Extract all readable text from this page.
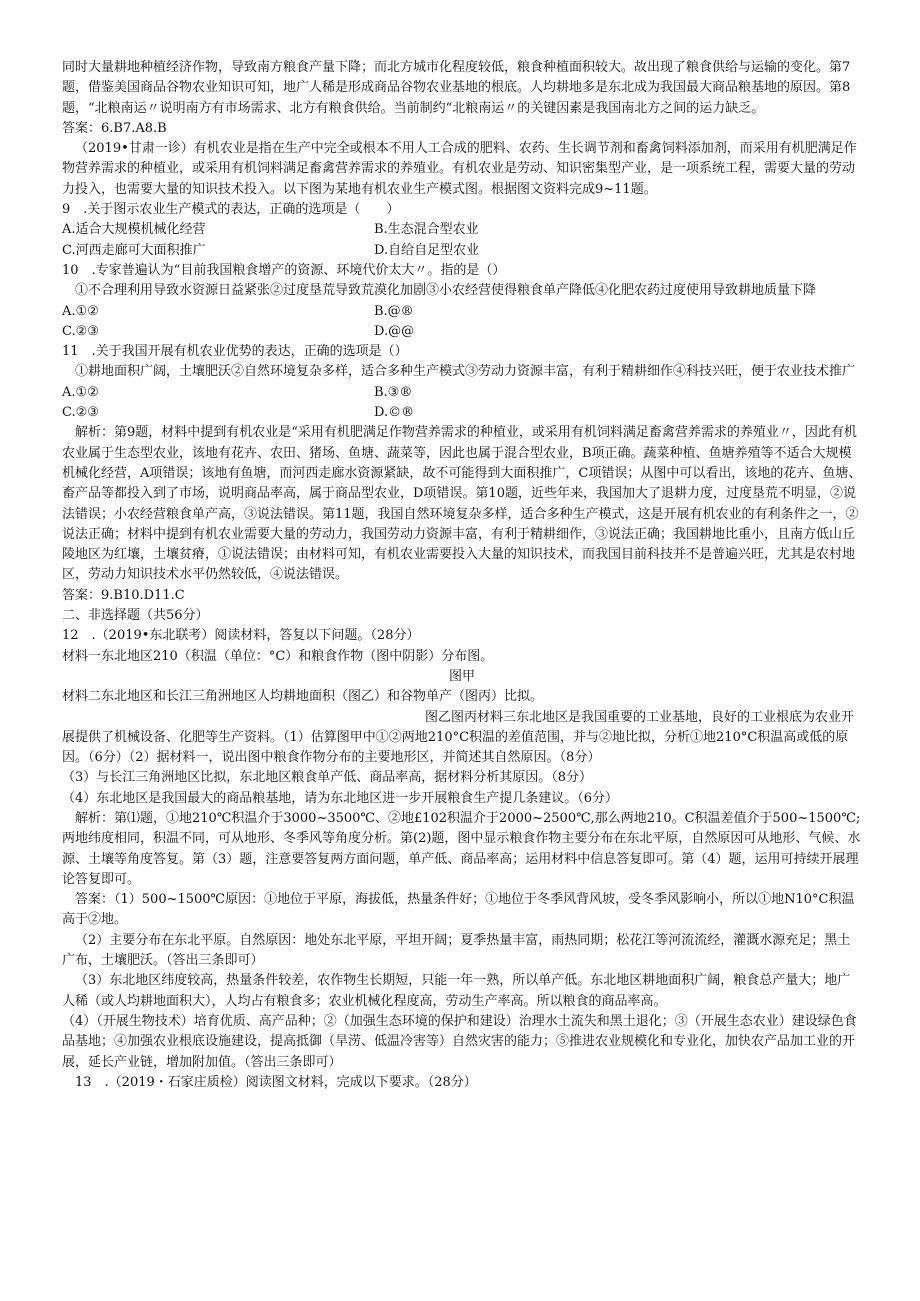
同时大量耕地种植经济作物，导致南方粮食产量下降；而北方城市化程度较低，粮食种植面积较大。故出现了粮食供给与运输的变化。第7题，借鉴美国商品谷物农业知识可知，地广人稀是形成商品谷物农业基地的根底。人均耕地多是东北成为我国最大商品粮基地的原因。第8题，“北粮南运〃说明南方有市场需求、北方有粮食供给。当前制约“北粮南运〃的关键因素是我国南北方之间的运力缺乏。

答案：6.B7.A8.B

（2019•甘肃一诊）有机农业是指在生产中完全或根本不用人工合成的肥料、农药、生长调节剂和畜禽饲料添加剂，而采用有机肥满足作物营养需求的种植业，或采用有机饲料满足畜禽营养需求的养殖业。有机农业是劳动、知识密集型产业，是一项系统工程，需要大量的劳动力投入，也需要大量的知识技术投入。以下图为某地有机农业生产模式图。根据图文资料完成9~11题。

9　.关于图示农业生产模式的表达，正确的选项是（　　）

A.适合大规模机械化经营	B.生态混合型农业
C.河西走廊可大面积推广	D.自给自足型农业

10　.专家普遍认为“目前我国粮食增产的资源、环境代价太大〃。指的是（）

①不合理利用导致水资源日益紧张②过度垦荒导致荒漠化加剧③小农经营使得粮食单产降低④化肥农药过度使用导致耕地质量下降

A.①②	B.@®
C.②③	D.@@

11　.关于我国开展有机农业优势的表达，正确的选项是（）

①耕地面积广阔，土壤肥沃②自然环境复杂多样，适合多种生产模式③劳动力资源丰富，有利于精耕细作④科技兴旺，便于农业技术推广

A.①②	B.③®
C.②③	D.©®

解析：第9题，材料中提到有机农业是“采用有机肥满足作物营养需求的种植业，或采用有机饲料满足畜禽营养需求的养殖业〃，因此有机农业属于生态型农业，该地有花卉、农田、猪场、鱼塘、蔬菜等，因此也属于混合型农业，B项正确。蔬菜种植、鱼塘养殖等不适合大规模机械化经营，A项错误；该地有鱼塘，而河西走廊水资源紧缺，故不可能得到大面积推广，C项错误；从图中可以看出，该地的花卉、鱼塘、畜产品等都投入到了市场，说明商品率高，属于商品型农业，D项错误。第10题，近些年来，我国加大了退耕力度，过度垦荒不明显，②说法错误；小农经营粮食单产高，③说法错误。第11题，我国自然环境复杂多样，适合多种生产模式，这是开展有机农业的有利条件之一，②说法正确；材料中提到有机农业需要大量的劳动力，我国劳动力资源丰富，有利于精耕细作，③说法正确；我国耕地比重小，且南方低山丘陵地区为红壤，土壤贫瘠，①说法错误；由材料可知，有机农业需要投入大量的知识技术，而我国目前科技并不是普遍兴旺，尤其是农村地区，劳动力知识技术水平仍然较低，④说法错误。

答案：9.B10.D11.C

二、非选择题（共56分）

12　.（2019•东北联考）阅读材料，答复以下问题。（28分）

材料一东北地区210（积温（单位：°C）和粮食作物（图中阴影）分布图。

图甲

材料二东北地区和长江三角洲地区人均耕地面积（图乙）和谷物单产（图丙）比拟。

图乙图丙材料三东北地区是我国重要的工业基地，良好的工业根底为农业开展提供了机械设备、化肥等生产资料。（1）估算图甲中①②两地210°C积温的差值范围，并与②地比拟，分析①地210°C积温高或低的原因。（6分）（2）据材料一，说出图中粮食作物分布的主要地形区，并简述其自然原因。（8分）

（3）与长江三角洲地区比拟，东北地区粮食单产低、商品率高，据材料分析其原因。（8分）

（4）东北地区是我国最大的商品粮基地，请为东北地区进一步开展粮食生产提几条建议。（6分）

解析：第⑴题，①地210℃积温介于3000~3500℃、②地£102积温介于2000~2500℃,那么两地210。C积温差值介于500~1500℃;两地纬度相同，积温不同，可从地形、冬季风等角度分析。第(2)题，图中显示粮食作物主要分布在东北平原，自然原因可从地形、气候、水源、土壤等角度答复。第（3）题，注意要答复两方面问题，单产低、商品率高；运用材料中信息答复即可。第（4）题，运用可持续开展理论答复即可。

答案：（1）500~1500℃原因：①地位于平原，海拔低，热量条件好；①地位于冬季风背风坡，受冬季风影响小，所以①地N10°C积温高于②地。

（2）主要分布在东北平原。自然原因：地处东北平原，平坦开阔；夏季热量丰富，雨热同期；松花江等河流流经，灌溉水源充足；黑土广布，土壤肥沃。（答出三条即可）

（3）东北地区纬度较高，热量条件较差，农作物生长期短，只能一年一熟，所以单产低。东北地区耕地面积广阔，粮食总产量大；地广人稀（或人均耕地面积大），人均占有粮食多；农业机械化程度高，劳动生产率高。所以粮食的商品率高。

（4）（开展生物技术）培育优质、高产品种；②（加强生态环境的保护和建设）治理水土流失和黑土退化；③（开展生态农业）建设绿色食品基地；④加强农业根底设施建设，提高抵御（旱涝、低温冷害等）自然灾害的能力；⑤推进农业规模化和专业化，加快农产品加工业的开展，延长产业链，增加附加值。（答出三条即可）

13　.（2019・石家庄质检）阅读图文材料，完成以下要求。（28分）
